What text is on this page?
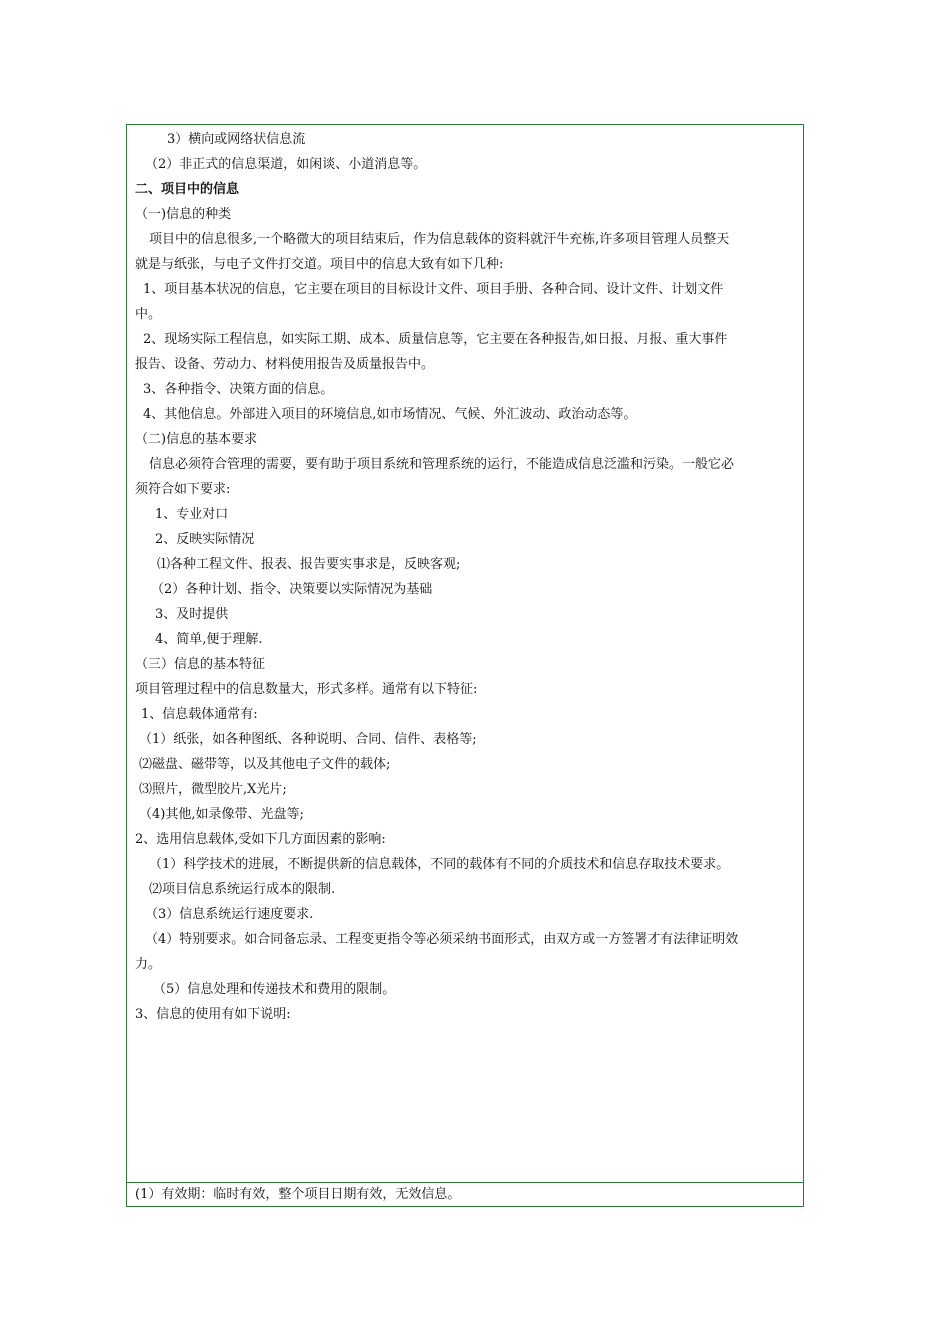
3）横向或网络状信息流
（2）非正式的信息渠道，如闲谈、小道消息等。
二、项目中的信息
（一)信息的种类
项目中的信息很多,一个略微大的项目结束后，作为信息载体的资料就汗牛充栋,许多项目管理人员整天
就是与纸张，与电子文件打交道。项目中的信息大致有如下几种:
1、项目基本状况的信息，它主要在项目的目标设计文件、项目手册、各种合同、设计文件、计划文件
中。
2、现场实际工程信息，如实际工期、成本、质量信息等，它主要在各种报告,如日报、月报、重大事件
报告、设备、劳动力、材料使用报告及质量报告中。
3、各种指令、决策方面的信息。
4、其他信息。外部进入项目的环境信息,如市场情况、气候、外汇波动、政治动态等。
（二)信息的基本要求
信息必须符合管理的需要，要有助于项目系统和管理系统的运行，不能造成信息泛滥和污染。一般它必
须符合如下要求:
1、专业对口
2、反映实际情况
⑴各种工程文件、报表、报告要实事求是，反映客观;
（2）各种计划、指令、决策要以实际情况为基础
3、及时提供
4、简单,便于理解.
（三）信息的基本特征
项目管理过程中的信息数量大，形式多样。通常有以下特征:
1、信息载体通常有:
（1）纸张，如各种图纸、各种说明、合同、信件、表格等;
⑵磁盘、磁带等，以及其他电子文件的载体;
⑶照片，微型胶片,X光片;
（4)其他,如录像带、光盘等;
2、选用信息载体,受如下几方面因素的影响:
（1）科学技术的进展，不断提供新的信息载体，不同的载体有不同的介质技术和信息存取技术要求。
⑵项目信息系统运行成本的限制.
（3）信息系统运行速度要求.
（4）特别要求。如合同备忘录、工程变更指令等必须采纳书面形式，由双方或一方签署才有法律证明效
力。
（5）信息处理和传递技术和费用的限制。
3、信息的使用有如下说明:
(1）有效期：临时有效，整个项目日期有效，无效信息。
